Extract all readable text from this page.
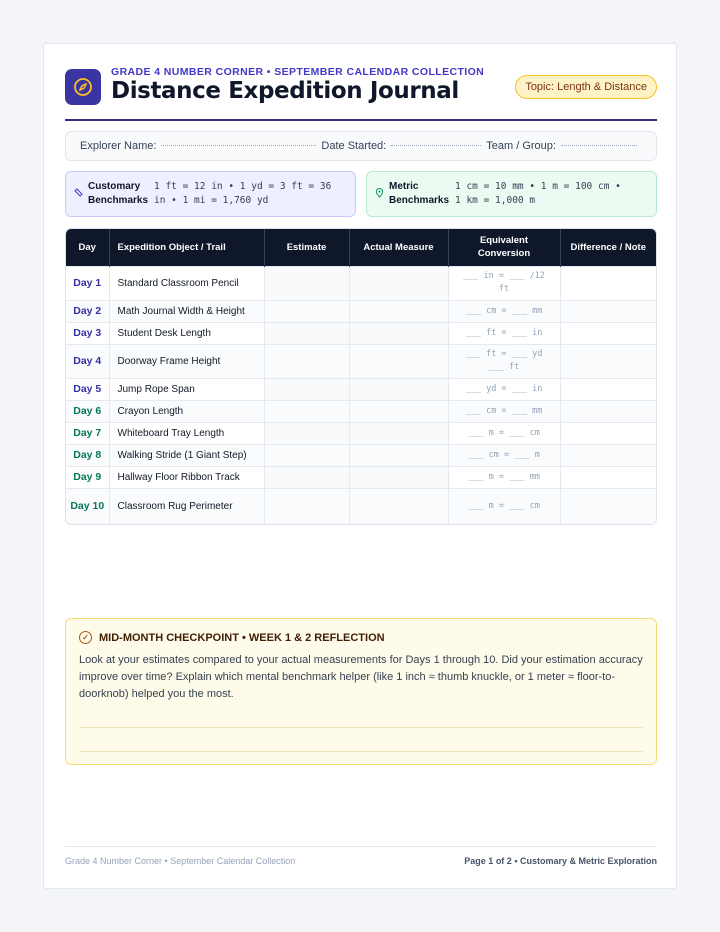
GRADE 4 NUMBER CORNER • SEPTEMBER CALENDAR COLLECTION
Distance Expedition Journal	Topic: Length & Distance
Explorer Name:	Date Started:	Team / Group:
Customary Benchmarks
1 ft = 12 in • 1 yd = 3 ft = 36
in • 1 mi = 1,760 yd
Metric Benchmarks
1 cm = 10 mm • 1 m = 100 cm •
1 km = 1,000 m
Day	Expedition Object / Trail	Estimate	Actual Measure	Equivalent Conversion	Difference / Note
Day 1	Standard Classroom Pencil			___ in = ___ /12 ft	
Day 2	Math Journal Width & Height			___ cm = ___ mm	
Day 3	Student Desk Length			___ ft = ___ in	
Day 4	Doorway Frame Height			___ ft = ___ yd ___ ft	
Day 5	Jump Rope Span			___ yd = ___ in	
Day 6	Crayon Length			___ cm = ___ mm	
Day 7	Whiteboard Tray Length			___ m = ___ cm	
Day 8	Walking Stride (1 Giant Step)			___ cm = ___ m	
Day 9	Hallway Floor Ribbon Track			___ m = ___ mm	
Day 10	Classroom Rug Perimeter			___ m = ___ cm	
✓ MID-MONTH CHECKPOINT • WEEK 1 & 2 REFLECTION
Look at your estimates compared to your actual measurements for Days 1 through 10. Did your estimation accuracy improve over time? Explain which mental benchmark helper (like 1 inch ≈ thumb knuckle, or 1 meter ≈ floor-to-doorknob) helped you the most.
Grade 4 Number Corner • September Calendar Collection	Page 1 of 2 • Customary & Metric Exploration
